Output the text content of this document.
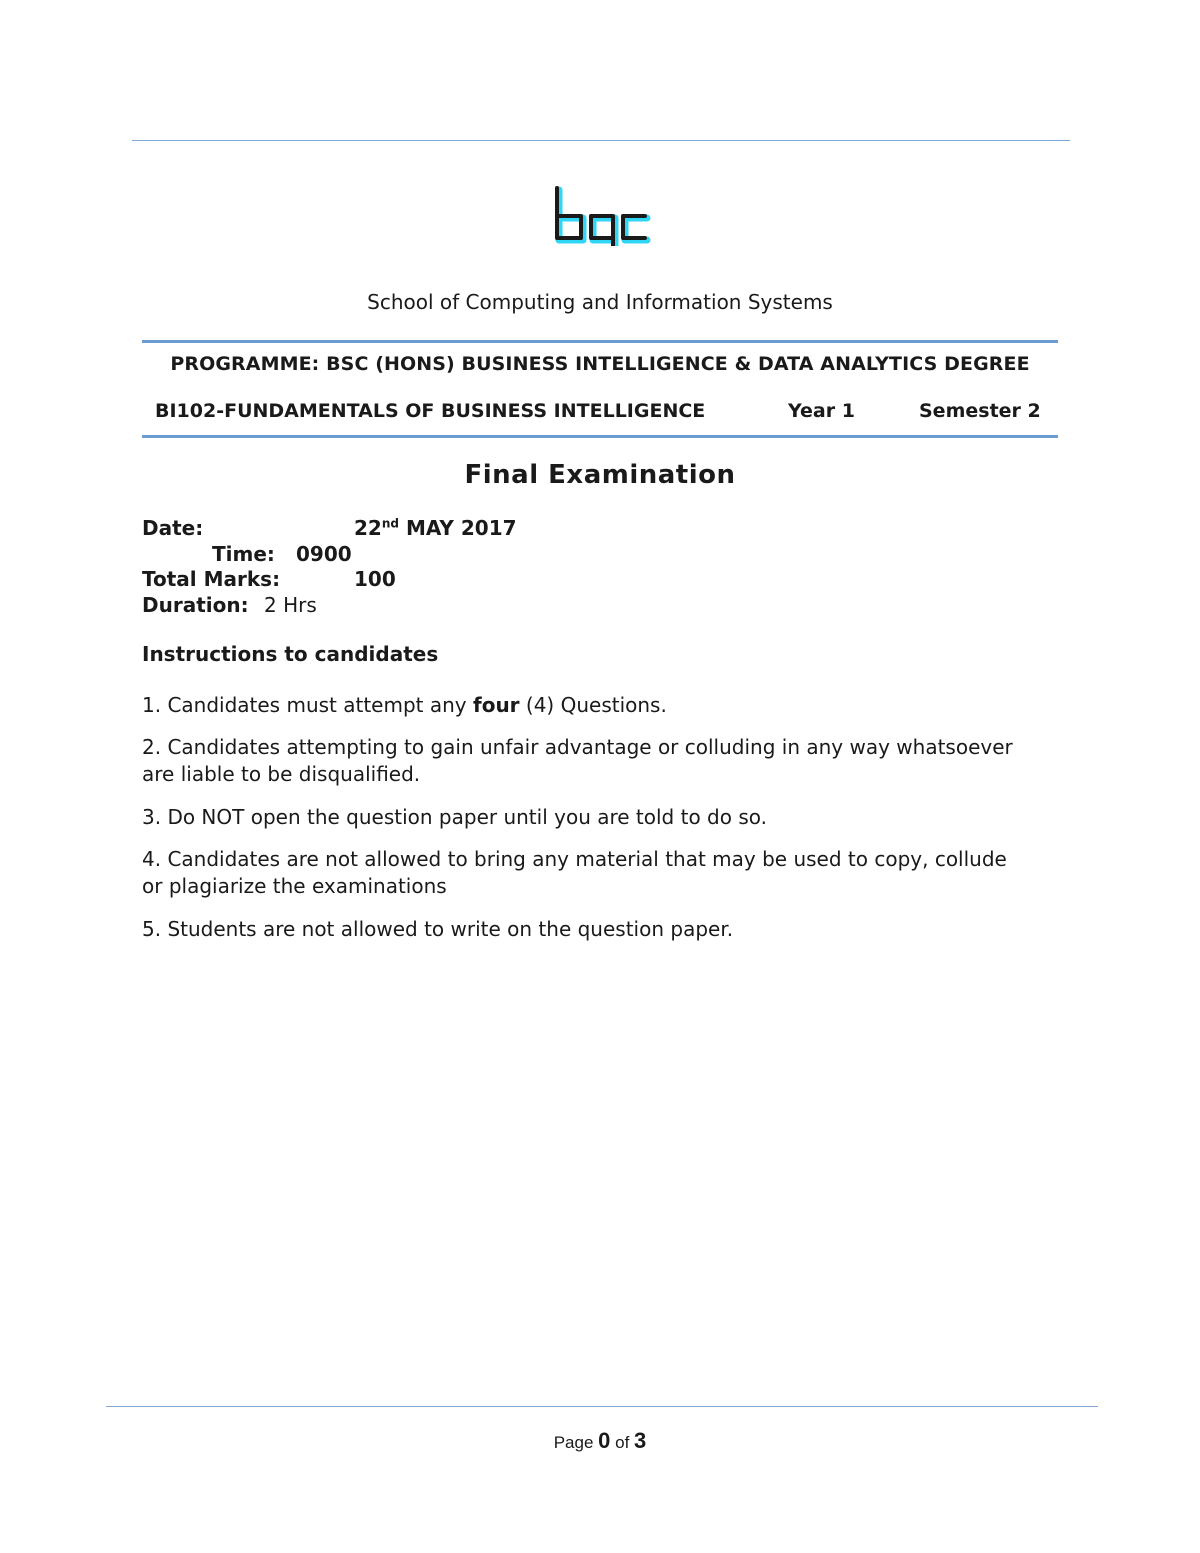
School of Computing and Information Systems
PROGRAMME: BSC (HONS) BUSINESS INTELLIGENCE & DATA ANALYTICS DEGREE
BI102-FUNDAMENTALS OF BUSINESS INTELLIGENCE	Year 1	Semester 2
Final Examination
Date:	22nd MAY 2017
Time: 0900
Total Marks:	100
Duration: 2 Hrs
Instructions to candidates
1. Candidates must attempt any four (4) Questions.
2. Candidates attempting to gain unfair advantage or colluding in any way whatsoever are liable to be disqualified.
3. Do NOT open the question paper until you are told to do so.
4. Candidates are not allowed to bring any material that may be used to copy, collude or plagiarize the examinations
5. Students are not allowed to write on the question paper.
Page 0 of 3
